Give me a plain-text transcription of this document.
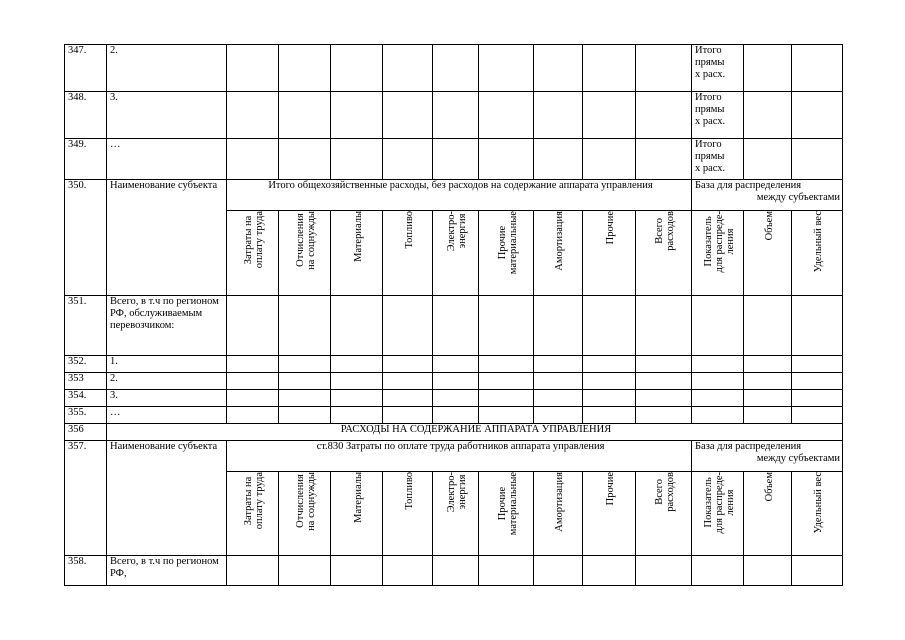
347.	2.										Итого
прямы
х расх.		
348.	3.										Итого
прямы
х расх.		
349.	…										Итого
прямы
х расх.		
350.	Наименование субъекта	Итого общехозяйственные расходы, без расходов на содержание аппарата управления									База для распределения
между субъектами		

		Затраты на
оплату труда	Отчисления
на соцнужды	Материалы	Топливо	Электро-
энергия	Прочие
материальные	Амортизация	Прочие	Всего
расходов	Показатель
для распреде-
ления	Объем	Удельный вес
351.	Всего, в т.ч по регионом РФ, обслуживаемым перевозчиком:												
352.	1.												
353	2.												
354.	3.												
355.	…												
356	РАСХОДЫ НА СОДЕРЖАНИЕ АППАРАТА УПРАВЛЕНИЯ												
357.	Наименование субъекта	ст.830 Затраты по оплате труда работников аппарата управления									База для распределения
между субъектами		

		Затраты на
оплату труда	Отчисления
на соцнужды	Материалы	Топливо	Электро-
энергия	Прочие
материальные	Амортизация	Прочие	Всего
расходов	Показатель
для распреде-
ления	Объем	Удельный вес
358.	Всего, в т.ч по регионом РФ,												
